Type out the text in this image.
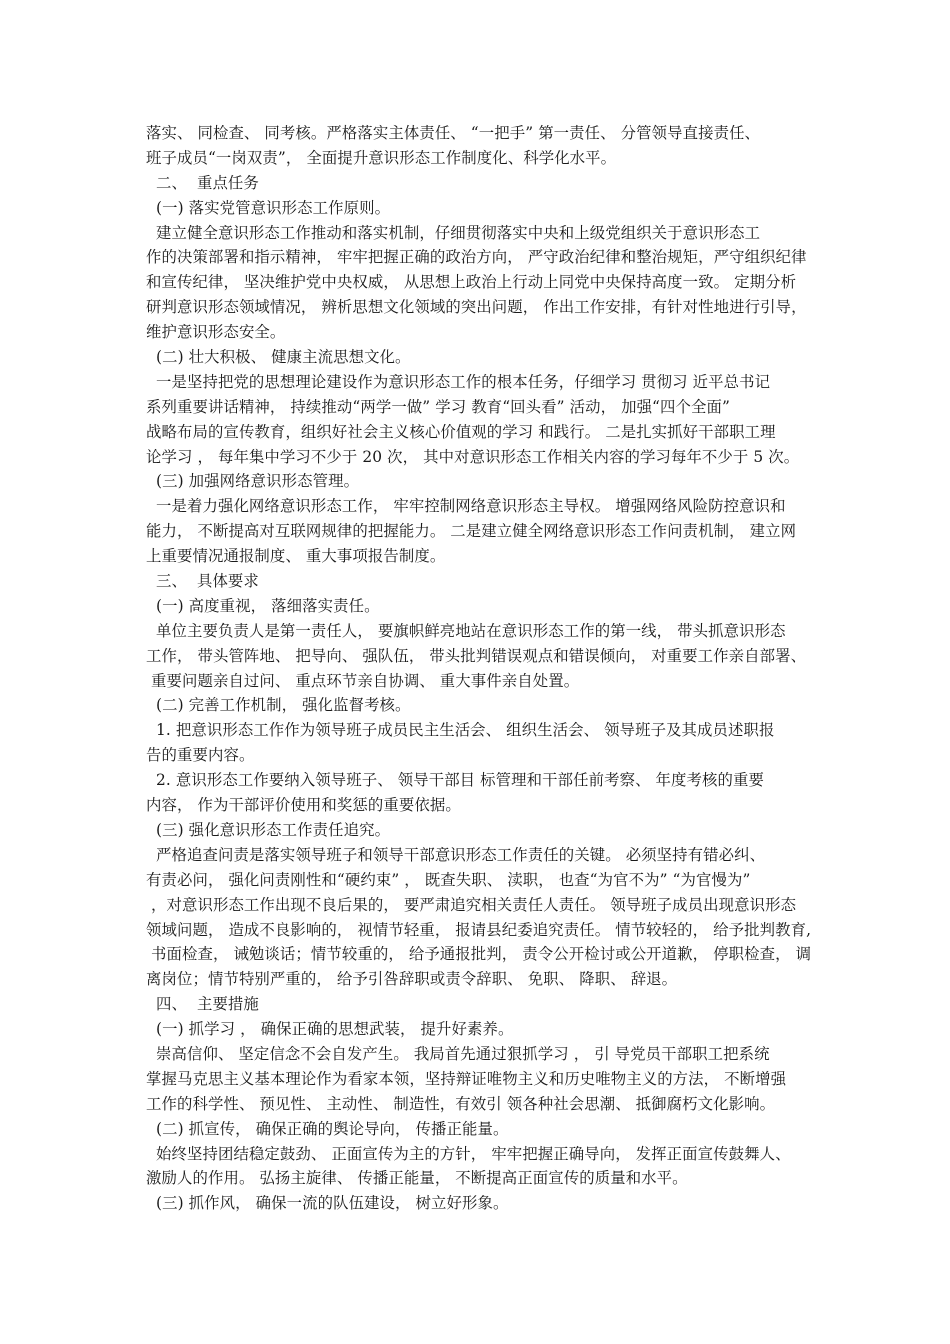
落实、 同检查、 同考核。严格落实主体责任、 “一把手” 第一责任、 分管领导直接责任、
班子成员“一岗双责”， 全面提升意识形态工作制度化、科学化水平。
二、  重点任务
(一) 落实党管意识形态工作原则。
建立健全意识形态工作推动和落实机制，仔细贯彻落实中央和上级党组织关于意识形态工
作的决策部署和指示精神， 牢牢把握正确的政治方向， 严守政治纪律和整治规矩，严守组织纪律
和宣传纪律， 坚决维护党中央权威， 从思想上政治上行动上同党中央保持高度一致。 定期分析
研判意识形态领域情况， 辨析思想文化领域的突出问题， 作出工作安排，有针对性地进行引导，
维护意识形态安全。
(二) 壮大积极、 健康主流思想文化。
一是坚持把党的思想理论建设作为意识形态工作的根本任务，仔细学习 贯彻习 近平总书记
系列重要讲话精神， 持续推动“两学一做” 学习 教育“回头看” 活动， 加强“四个全面”
战略布局的宣传教育，组织好社会主义核心价值观的学习 和践行。 二是扎实抓好干部职工理
论学习 ， 每年集中学习不少于 20 次， 其中对意识形态工作相关内容的学习每年不少于 5 次。
(三) 加强网络意识形态管理。
一是着力强化网络意识形态工作， 牢牢控制网络意识形态主导权。 增强网络风险防控意识和
能力， 不断提高对互联网规律的把握能力。 二是建立健全网络意识形态工作问责机制， 建立网
上重要情况通报制度、 重大事项报告制度。
三、  具体要求
(一) 高度重视， 落细落实责任。
单位主要负责人是第一责任人， 要旗帜鲜亮地站在意识形态工作的第一线， 带头抓意识形态
工作， 带头管阵地、 把导向、 强队伍， 带头批判错误观点和错误倾向， 对重要工作亲自部署、
重要问题亲自过问、 重点环节亲自协调、 重大事件亲自处置。
(二) 完善工作机制， 强化监督考核。
1. 把意识形态工作作为领导班子成员民主生活会、 组织生活会、 领导班子及其成员述职报
告的重要内容。
2. 意识形态工作要纳入领导班子、 领导干部目 标管理和干部任前考察、 年度考核的重要
内容， 作为干部评价使用和奖惩的重要依据。
(三) 强化意识形态工作责任追究。
严格追查问责是落实领导班子和领导干部意识形态工作责任的关键。 必须坚持有错必纠、
有责必问， 强化问责刚性和“硬约束” ， 既查失职、 渎职， 也查“为官不为” “为官慢为”
，对意识形态工作出现不良后果的， 要严肃追究相关责任人责任。 领导班子成员出现意识形态
领域问题， 造成不良影响的， 视情节轻重， 报请县纪委追究责任。 情节较轻的， 给予批判教育,
书面检查， 诫勉谈话；情节较重的， 给予通报批判， 责令公开检讨或公开道歉， 停职检查， 调
离岗位；情节特别严重的， 给予引咎辞职或责令辞职、 免职、 降职、 辞退。
四、  主要措施
(一) 抓学习 ， 确保正确的思想武装， 提升好素养。
崇高信仰、 坚定信念不会自发产生。 我局首先通过狠抓学习 ， 引 导党员干部职工把系统
掌握马克思主义基本理论作为看家本领，坚持辩证唯物主义和历史唯物主义的方法， 不断增强
工作的科学性、 预见性、 主动性、 制造性，有效引 领各种社会思潮、 抵御腐朽文化影响。
(二) 抓宣传， 确保正确的舆论导向， 传播正能量。
始终坚持团结稳定鼓劲、 正面宣传为主的方针， 牢牢把握正确导向， 发挥正面宣传鼓舞人、
激励人的作用。 弘扬主旋律、 传播正能量， 不断提高正面宣传的质量和水平。
(三) 抓作风， 确保一流的队伍建设， 树立好形象。
